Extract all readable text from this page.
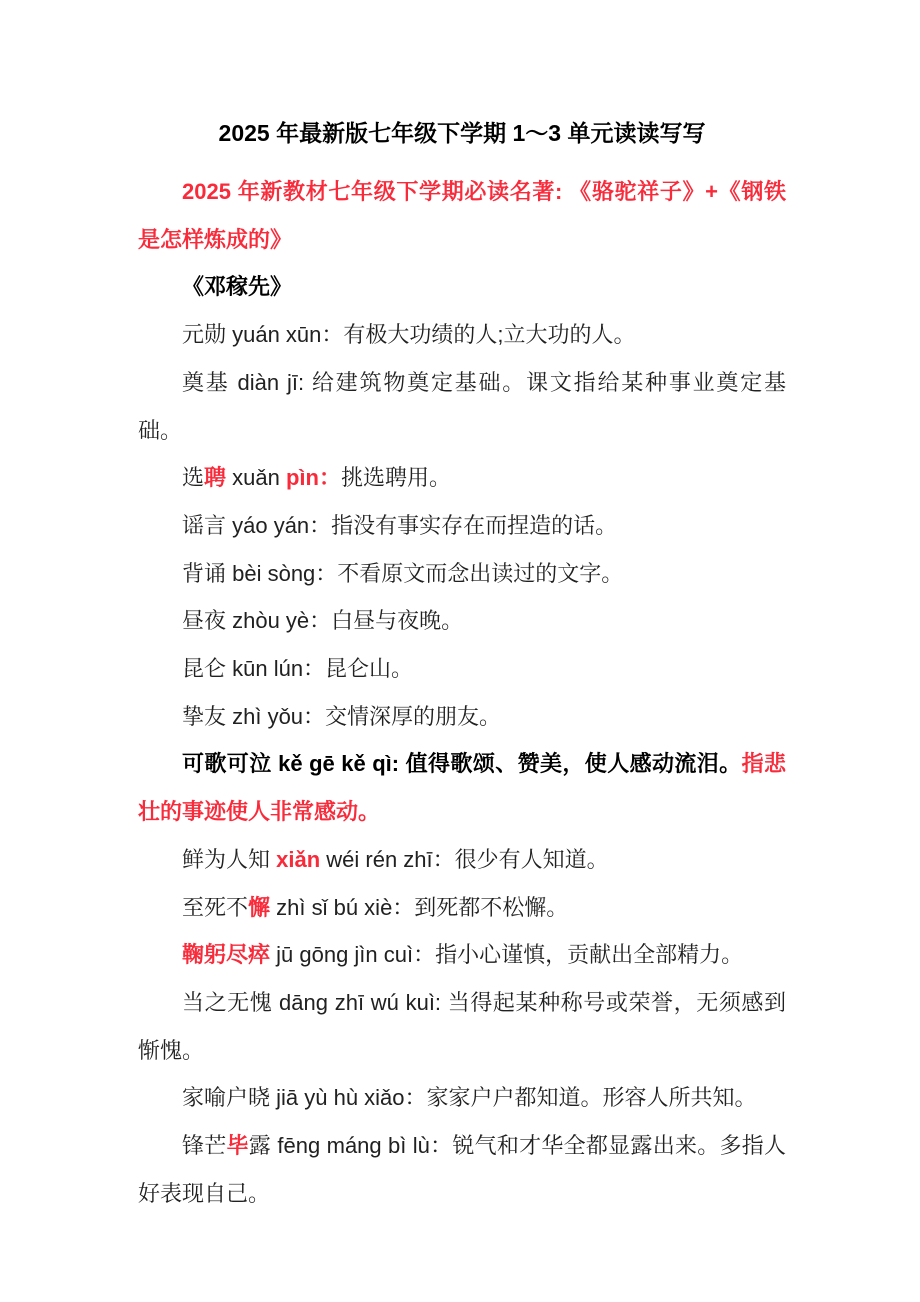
2025 年最新版七年级下学期 1～3 单元读读写写

2025 年新教材七年级下学期必读名著: 《骆驼祥子》+《钢铁是怎样炼成的》

《邓稼先》

元勋 yuán xūn：有极大功绩的人;立大功的人。

奠基 diàn jī: 给建筑物奠定基础。课文指给某种事业奠定基础。

选聘 xuǎn pìn：挑选聘用。

谣言 yáo yán：指没有事实存在而捏造的话。

背诵 bèi sòng：不看原文而念出读过的文字。

昼夜 zhòu yè：白昼与夜晚。

昆仑 kūn lún：昆仑山。

挚友 zhì yǒu：交情深厚的朋友。

可歌可泣 kě gē kě qì: 值得歌颂、赞美，使人感动流泪。指悲壮的事迹使人非常感动。

鲜为人知 xiǎn wéi rén zhī：很少有人知道。

至死不懈 zhì sǐ bú xiè：到死都不松懈。

鞠躬尽瘁 jū gōng jìn cuì：指小心谨慎，贡献出全部精力。

当之无愧 dāng zhī wú kuì: 当得起某种称号或荣誉，无须感到惭愧。

家喻户晓 jiā yù hù xiǎo：家家户户都知道。形容人所共知。

锋芒毕露 fēng máng bì lù：锐气和才华全都显露出来。多指人好表现自己。
